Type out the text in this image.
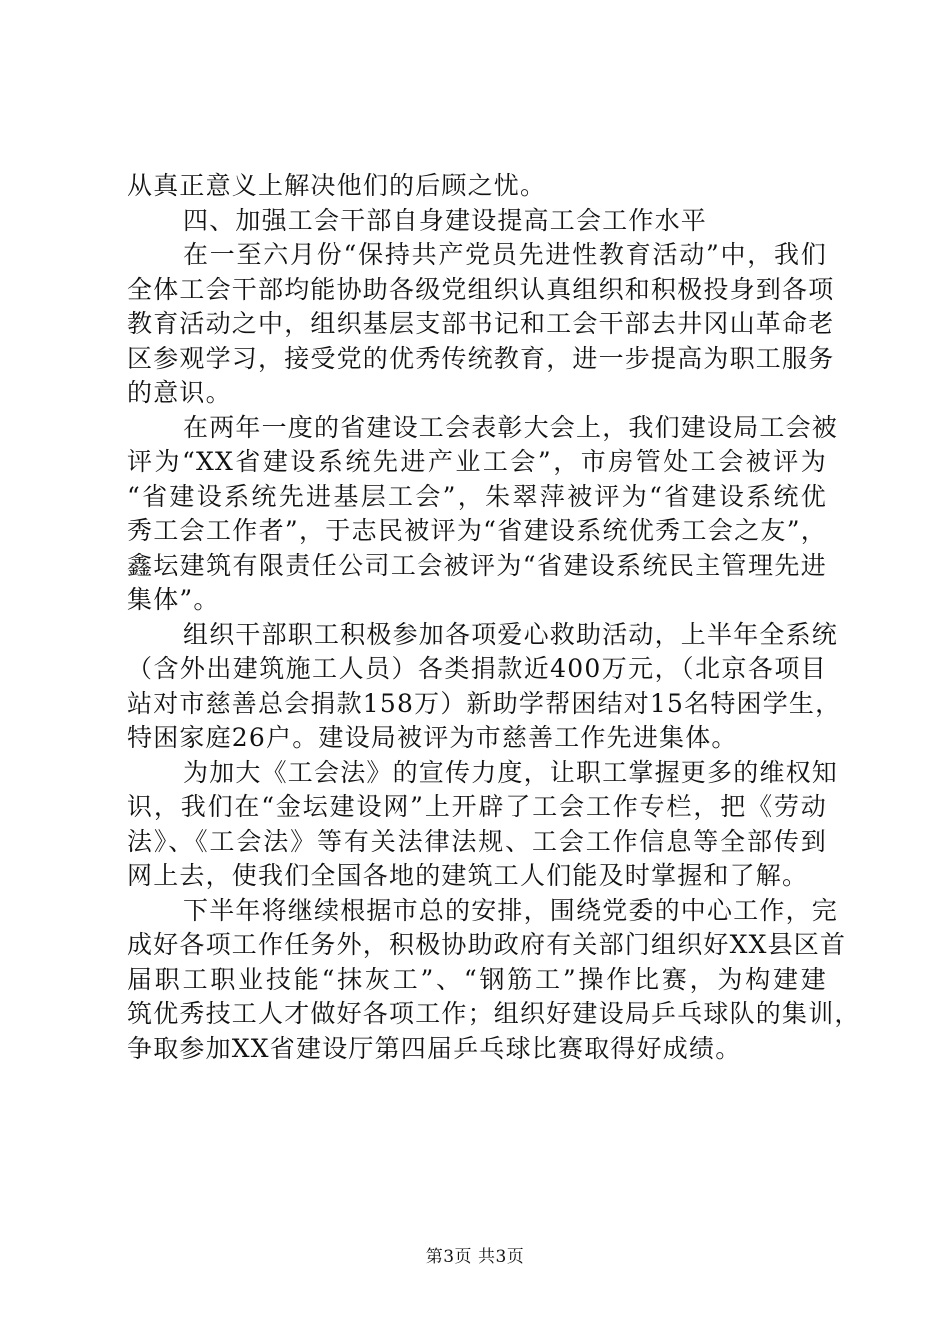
从真正意义上解决他们的后顾之忧。
四、加强工会干部自身建设提高工会工作水平
在一至六月份“保持共产党员先进性教育活动”中，我们
全体工会干部均能协助各级党组织认真组织和积极投身到各项
教育活动之中，组织基层支部书记和工会干部去井冈山革命老
区参观学习，接受党的优秀传统教育，进一步提高为职工服务
的意识。
在两年一度的省建设工会表彰大会上，我们建设局工会被
评为“XX省建设系统先进产业工会”，市房管处工会被评为
“省建设系统先进基层工会”，朱翠萍被评为“省建设系统优
秀工会工作者”，于志民被评为“省建设系统优秀工会之友”，
鑫坛建筑有限责任公司工会被评为“省建设系统民主管理先进
集体”。
组织干部职工积极参加各项爱心救助活动，上半年全系统
（含外出建筑施工人员）各类捐款近400万元，（北京各项目
站对市慈善总会捐款158万）新助学帮困结对15名特困学生，
特困家庭26户。建设局被评为市慈善工作先进集体。
为加大《工会法》的宣传力度，让职工掌握更多的维权知
识，我们在“金坛建设网”上开辟了工会工作专栏，把《劳动
法》、《工会法》等有关法律法规、工会工作信息等全部传到
网上去，使我们全国各地的建筑工人们能及时掌握和了解。
下半年将继续根据市总的安排，围绕党委的中心工作，完
成好各项工作任务外，积极协助政府有关部门组织好XX县区首
届职工职业技能“抹灰工”、“钢筋工”操作比赛，为构建建
筑优秀技工人才做好各项工作；组织好建设局乒乓球队的集训，
争取参加XX省建设厅第四届乒乓球比赛取得好成绩。
第3页 共3页
